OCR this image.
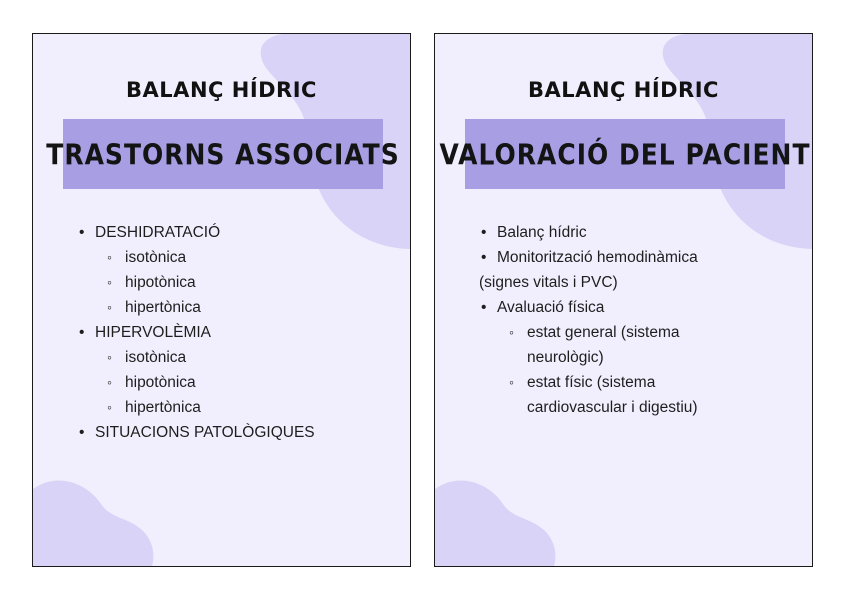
BALANÇ HÍDRIC
TRASTORNS ASSOCIATS
• DESHIDRATACIÓ
◦ isotònica
◦ hipotònica
◦ hipertònica
• HIPERVOLÈMIA
◦ isotònica
◦ hipotònica
◦ hipertònica
• SITUACIONS PATOLÒGIQUES
BALANÇ HÍDRIC
VALORACIÓ DEL PACIENT
• Balanç hídric
• Monitorització hemodinàmica
(signes vitals i PVC)
• Avaluació física
◦ estat general (sistema
neurològic)
◦ estat físic (sistema
cardiovascular i digestiu)
